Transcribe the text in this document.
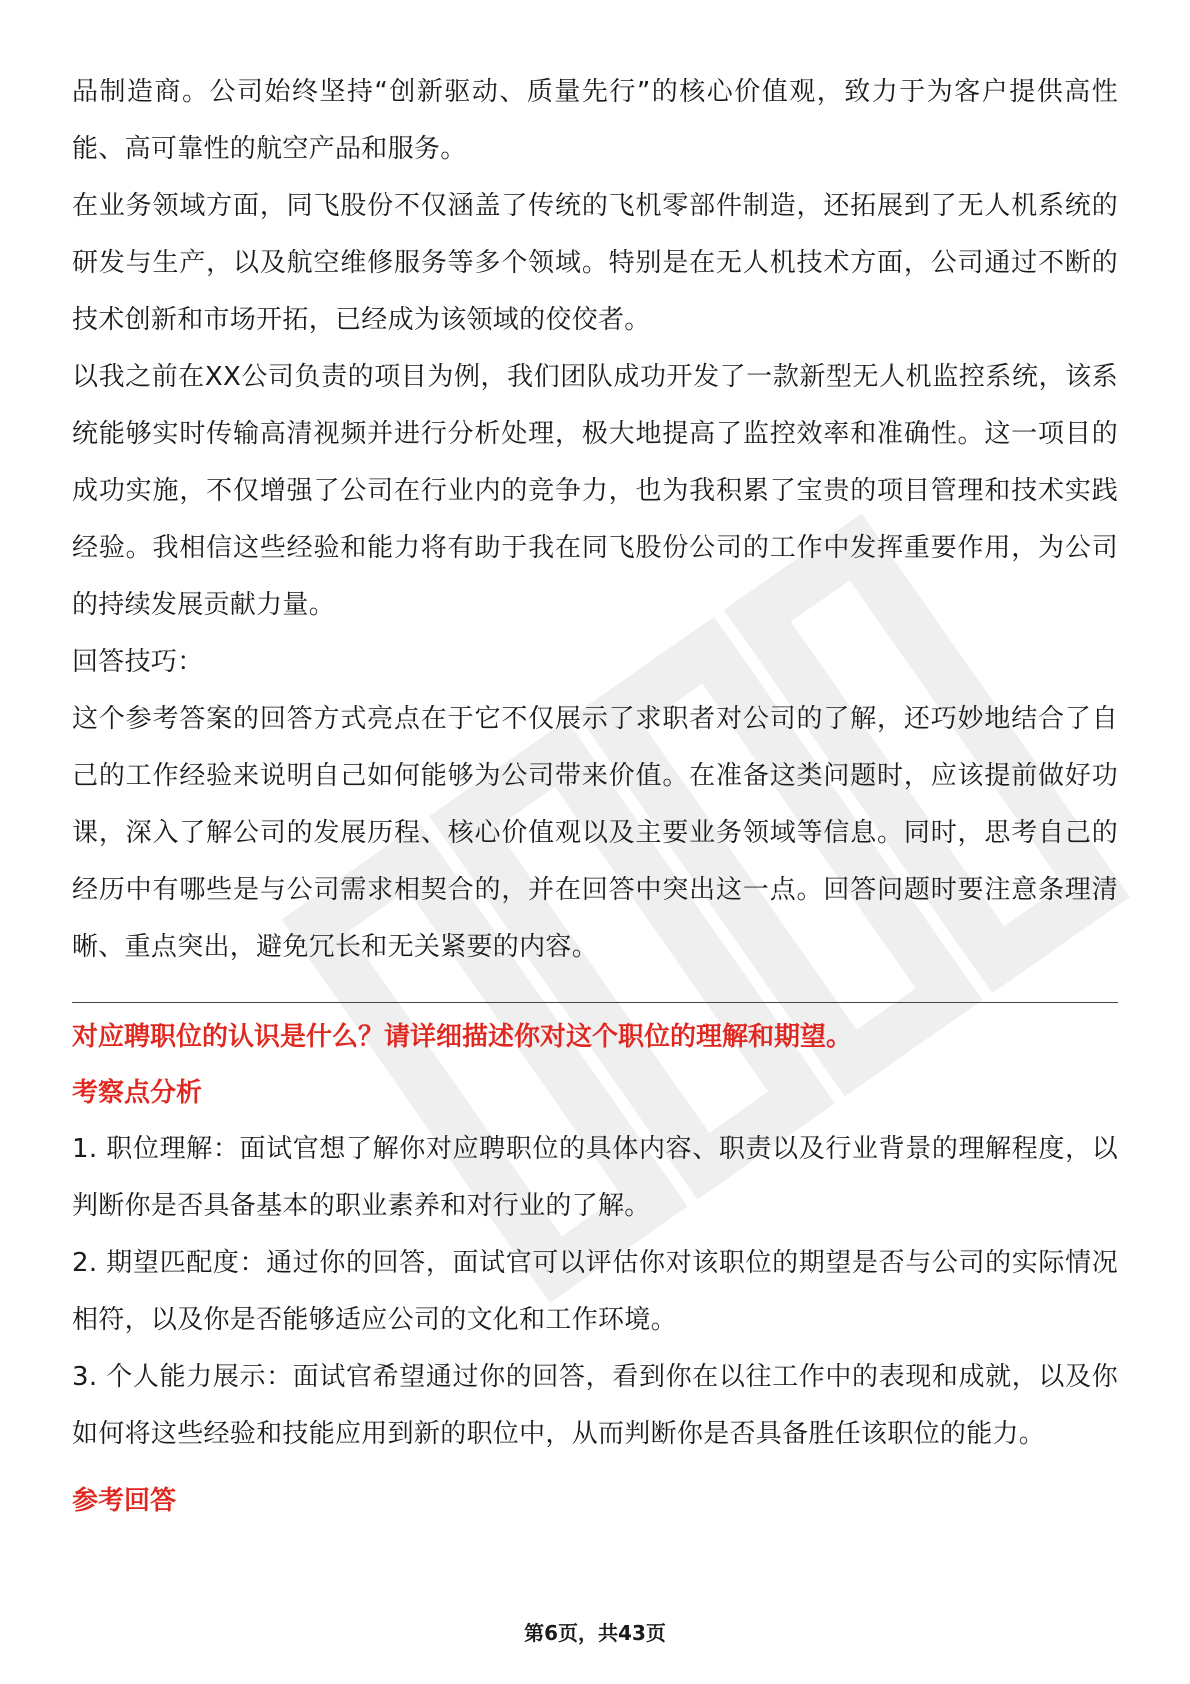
品制造商。公司始终坚持“创新驱动、质量先行”的核心价值观，致力于为客户提供高性能、高可靠性的航空产品和服务。

在业务领域方面，同飞股份不仅涵盖了传统的飞机零部件制造，还拓展到了无人机系统的研发与生产，以及航空维修服务等多个领域。特别是在无人机技术方面，公司通过不断的技术创新和市场开拓，已经成为该领域的佼佼者。

以我之前在XX公司负责的项目为例，我们团队成功开发了一款新型无人机监控系统，该系统能够实时传输高清视频并进行分析处理，极大地提高了监控效率和准确性。这一项目的成功实施，不仅增强了公司在行业内的竞争力，也为我积累了宝贵的项目管理和技术实践经验。我相信这些经验和能力将有助于我在同飞股份公司的工作中发挥重要作用，为公司的持续发展贡献力量。

回答技巧：

这个参考答案的回答方式亮点在于它不仅展示了求职者对公司的了解，还巧妙地结合了自己的工作经验来说明自己如何能够为公司带来价值。在准备这类问题时，应该提前做好功课，深入了解公司的发展历程、核心价值观以及主要业务领域等信息。同时，思考自己的经历中有哪些是与公司需求相契合的，并在回答中突出这一点。回答问题时要注意条理清晰、重点突出，避免冗长和无关紧要的内容。

对应聘职位的认识是什么？请详细描述你对这个职位的理解和期望。

考察点分析

1. 职位理解：面试官想了解你对应聘职位的具体内容、职责以及行业背景的理解程度，以判断你是否具备基本的职业素养和对行业的了解。

2. 期望匹配度：通过你的回答，面试官可以评估你对该职位的期望是否与公司的实际情况相符，以及你是否能够适应公司的文化和工作环境。

3. 个人能力展示：面试官希望通过你的回答，看到你在以往工作中的表现和成就，以及你如何将这些经验和技能应用到新的职位中，从而判断你是否具备胜任该职位的能力。

参考回答

第6页，共43页
